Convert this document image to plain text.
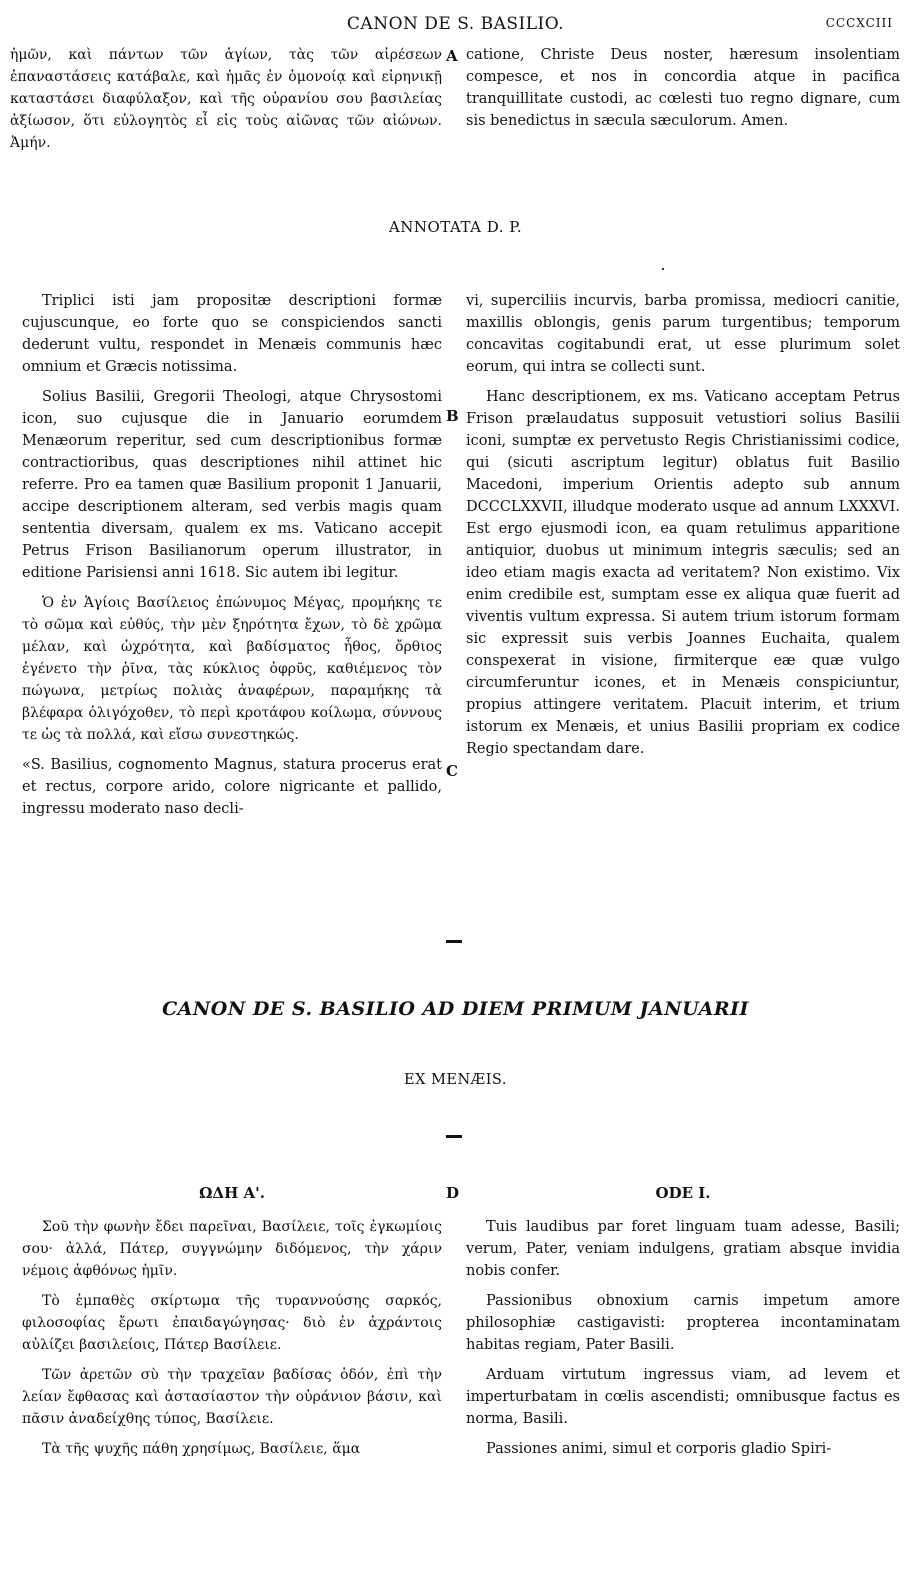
CANON DE S. BASILIO.	CCCXCIII

ἡμῶν, καὶ πάντων τῶν ἁγίων, τὰς τῶν αἱρέσεων ἐπαναστάσεις κατάβαλε, καὶ ἡμᾶς ἐν ὁμονοίᾳ καὶ εἰρηνικῇ καταστάσει διαφύλαξον, καὶ τῆς οὐρανίου σου βασιλείας ἀξίωσον, ὅτι εὐλογητὸς εἶ εἰς τοὺς αἰῶνας τῶν αἰώνων. Ἀμήν.

A catione, Christe Deus noster, hæresum insolentiam compesce, et nos in concordia atque in pacifica tranquillitate custodi, ac cœlesti tuo regno dignare, cum sis benedictus in sæcula sæculorum. Amen.

ANNOTATA D. P.

Triplici isti jam propositæ descriptioni formæ cujuscunque, eo forte quo se conspiciendos sancti dederunt vultu, respondet in Menæis communis hæc omnium et Græcis notissima.

Solius Basilii, Gregorii Theologi, atque Chrysostomi icon, suo cujusque die in Januario eorumdem Menæorum reperitur, sed cum descriptionibus formæ contractioribus, quas descriptiones nihil attinet hic referre. Pro ea tamen quæ Basilium proponit 1 Januarii, accipe descriptionem alteram, sed verbis magis quam sententia diversam, qualem ex ms. Vaticano accepit Petrus Frison Basilianorum operum illustrator, in editione Parisiensi anni 1618. Sic autem ibi legitur.

Ὁ ἐν Ἁγίοις Βασίλειος ἐπώνυμος Μέγας, προμήκης τε τὸ σῶμα καὶ εὐθύς, τὴν μὲν ξηρότητα ἔχων, τὸ δὲ χρῶμα μέλαν, καὶ ὠχρότητα, καὶ βαδίσματος ἦθος, ὄρθιος ἐγένετο τὴν ῥῖνα, τὰς κύκλιος ὀφρῦς, καθιέμενος τὸν πώγωνα, μετρίως πολιὰς ἀναφέρων, παραμήκης τὰ βλέφαρα ὀλιγόχοθεν, τὸ περὶ κροτάφου κοίλωμα, σύννους τε ὡς τὰ πολλά, καὶ εἴσω συνεστηκώς.

«S. Basilius, cognomento Magnus, statura procerus erat et rectus, corpore arido, colore nigricante et pallido, ingressu moderato naso decli-

B
C

vi, superciliis incurvis, barba promissa, mediocri canitie, maxillis oblongis, genis parum turgentibus; temporum concavitas cogitabundi erat, ut esse plurimum solet eorum, qui intra se collecti sunt.

Hanc descriptionem, ex ms. Vaticano acceptam Petrus Frison prælaudatus supposuit vetustiori solius Basilii iconi, sumptæ ex pervetusto Regis Christianissimi codice, qui (sicuti ascriptum legitur) oblatus fuit Basilio Macedoni, imperium Orientis adepto sub annum DCCCLXXVII, illudque moderato usque ad annum LXXXVI. Est ergo ejusmodi icon, ea quam retulimus apparitione antiquior, duobus ut minimum integris sæculis; sed an ideo etiam magis exacta ad veritatem? Non existimo. Vix enim credibile est, sumptam esse ex aliqua quæ fuerit ad viventis vultum expressa. Si autem trium istorum formam sic expressit suis verbis Joannes Euchaita, qualem conspexerat in visione, firmiterque eæ quæ vulgo circumferuntur icones, et in Menæis conspiciuntur, propius attingere veritatem. Placuit interim, et trium istorum ex Menæis, et unius Basilii propriam ex codice Regio spectandam dare.

CANON DE S. BASILIO AD DIEM PRIMUM JANUARII
EX MENÆIS.
ΩΔΗ Α'.	D	ODE I.

Σοῦ τὴν φωνὴν ἔδει παρεῖναι, Βασίλειε, τοῖς ἐγκωμίοις σου· ἀλλά, Πάτερ, συγγνώμην διδόμενος, τὴν χάριν νέμοις ἀφθόνως ἡμῖν.

Τὸ ἐμπαθὲς σκίρτωμα τῆς τυραννούσης σαρκός, φιλοσοφίας ἔρωτι ἐπαιδαγώγησας· διὸ ἐν ἀχράντοις αὐλίζει βασιλείοις, Πάτερ Βασίλειε.

Τῶν ἀρετῶν σὺ τὴν τραχεῖαν βαδίσας ὁδόν, ἐπὶ τὴν λείαν ἔφθασας καὶ ἀστασίαστον τὴν οὐράνιον βάσιν, καὶ πᾶσιν ἀναδείχθης τύπος, Βασίλειε.

Τὰ τῆς ψυχῆς πάθη χρησίμως, Βασίλειε, ἅμα

Tuis laudibus par foret linguam tuam adesse, Basili; verum, Pater, veniam indulgens, gratiam absque invidia nobis confer.

Passionibus obnoxium carnis impetum amore philosophiæ castigavisti: propterea incontaminatam habitas regiam, Pater Basili.

Arduam virtutum ingressus viam, ad levem et imperturbatam in cœlis ascendisti; omnibusque factus es norma, Basili.

Passiones animi, simul et corporis gladio Spiri-
